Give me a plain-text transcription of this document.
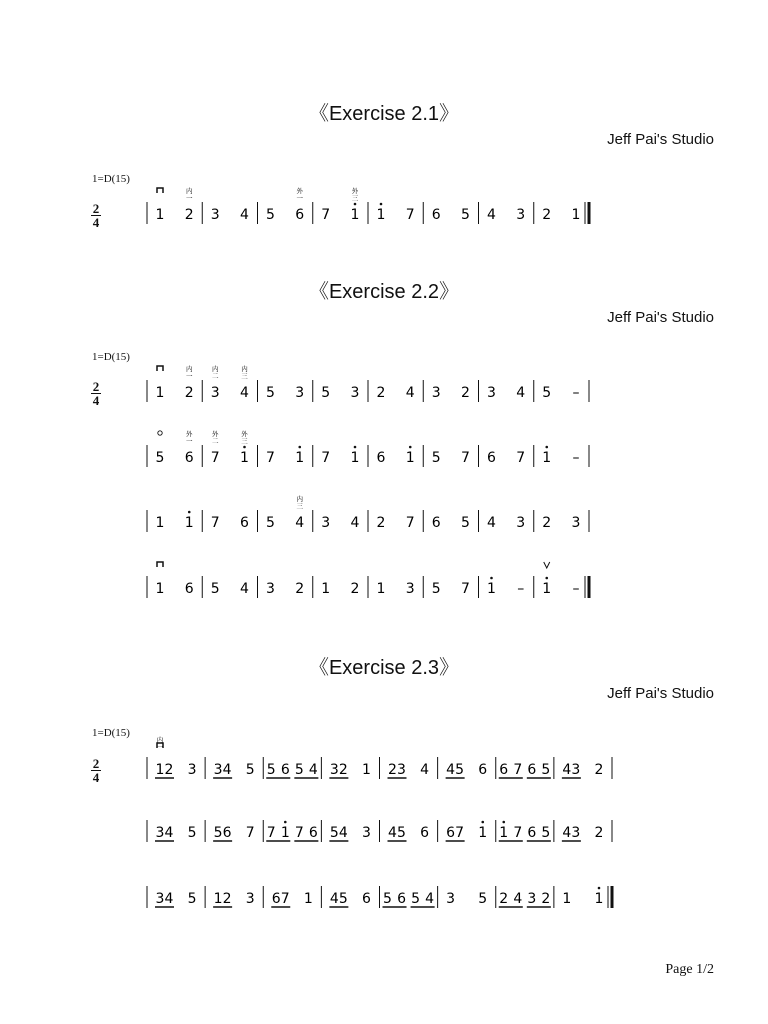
《Exercise 2.1》
Jeff Pai's Studio
1=D(15)
2
4
《Exercise 2.2》
Jeff Pai's Studio
1=D(15)
2
4
《Exercise 2.3》
Jeff Pai's Studio
1=D(15)
2
4
1 2
内
一
3 4 5 6
外
一
7 1
外
三
1 7 6 5 4 3 2 1
1 2
内
一
3
内
二
4
内
三
5 3 5 3 2 4 3 2 3 4 5 –
5 6
外
一
7
外
二
1
外
三
7 1 7 1 6 1 5 7 6 7 1 –
1 1 7 6 5 4
内
三
3 4 2 7 6 5 4 3 2 3
1 6 5 4 3 2 1 2 1 3 5 7 1 – 1 –
1
内
一
2 3 3 4 5 5 6 5 4 3 2 1 2 3 4 4 5 6 6 7 6 5 4 3 2
3 4 5 5 6 7 7 1 7 6 5 4 3 4 5 6 6 7 1 1 7 6 5 4 3 2
3 4 5 1 2 3 6 7 1 4 5 6 5 6 5 4 3 5 2 4 3 2 1 1
Page 1/2
